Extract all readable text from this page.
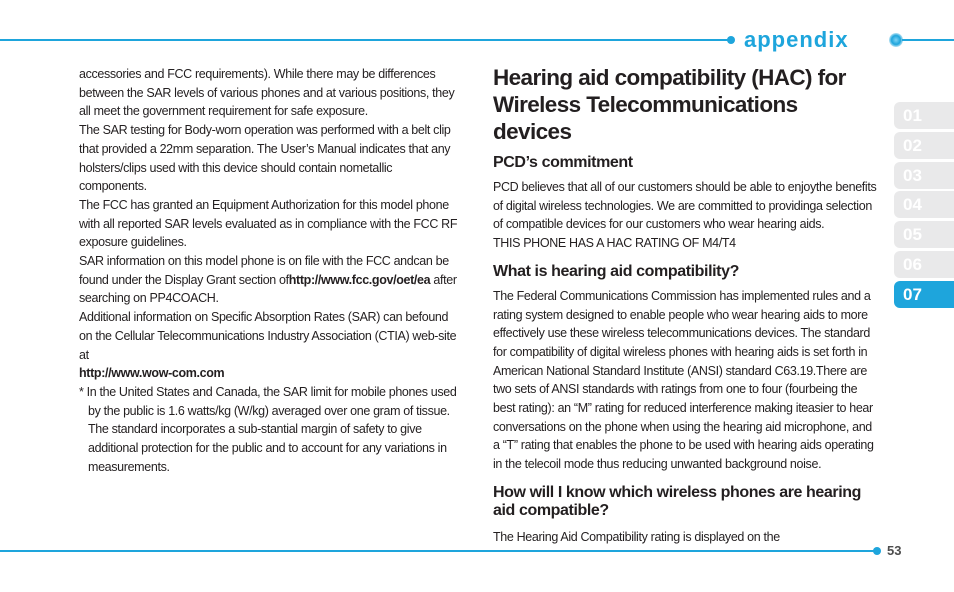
appendix

accessories and FCC requirements). While there may be differences between the SAR levels of various phones and at various positions, they all meet the government requirement for safe exposure.

The SAR testing for Body-worn operation was performed with a belt clip that provided a 22mm separation. The User’s Manual indicates that any holsters/clips used with this device should contain nometallic components.

The FCC has granted an Equipment Authorization for this model phone with all reported SAR levels evaluated as in compliance with the FCC RF exposure guidelines.

SAR information on this model phone is on file with the FCC andcan be found under the Display Grant section ofhttp://www.fcc.gov/oet/ea after searching on PP4COACH.

Additional information on Specific Absorption Rates (SAR) can befound on the Cellular Telecommunications Industry Association (CTIA) web-site at
http://www.wow-com.com

* In the United States and Canada, the SAR limit for mobile phones used by the public is 1.6 watts/kg (W/kg) averaged over one gram of tissue. The standard incorporates a sub-stantial margin of safety to give additional protection for the public and to account for any variations in measurements.

Hearing aid compatibility (HAC) for Wireless Telecommunications devices
PCD’s commitment

PCD believes that all of our customers should be able to enjoythe benefits of digital wireless technologies. We are committed to providinga selection of compatible devices for our customers who wear hearing aids.

THIS PHONE HAS A HAC RATING OF M4/T4

What is hearing aid compatibility?

The Federal Communications Commission has implemented rules and a rating system designed to enable people who wear hearing aids to more effectively use these wireless telecommunications devices. The standard for compatibility of digital wireless phones with hearing aids is set forth in American National Standard Institute (ANSI) standard C63.19.There are two sets of ANSI standards with ratings from one to four (fourbeing the best rating): an “M” rating for reduced interference making iteasier to hear conversations on the phone when using the hearing aid microphone, and a “T” rating that enables the phone to be used with hearing aids operating in the telecoil mode thus reducing unwanted background noise.

How will I know which wireless phones are hearing aid compatible?

The Hearing Aid Compatibility rating is displayed on the

01
02
03
04
05
06
07
53
